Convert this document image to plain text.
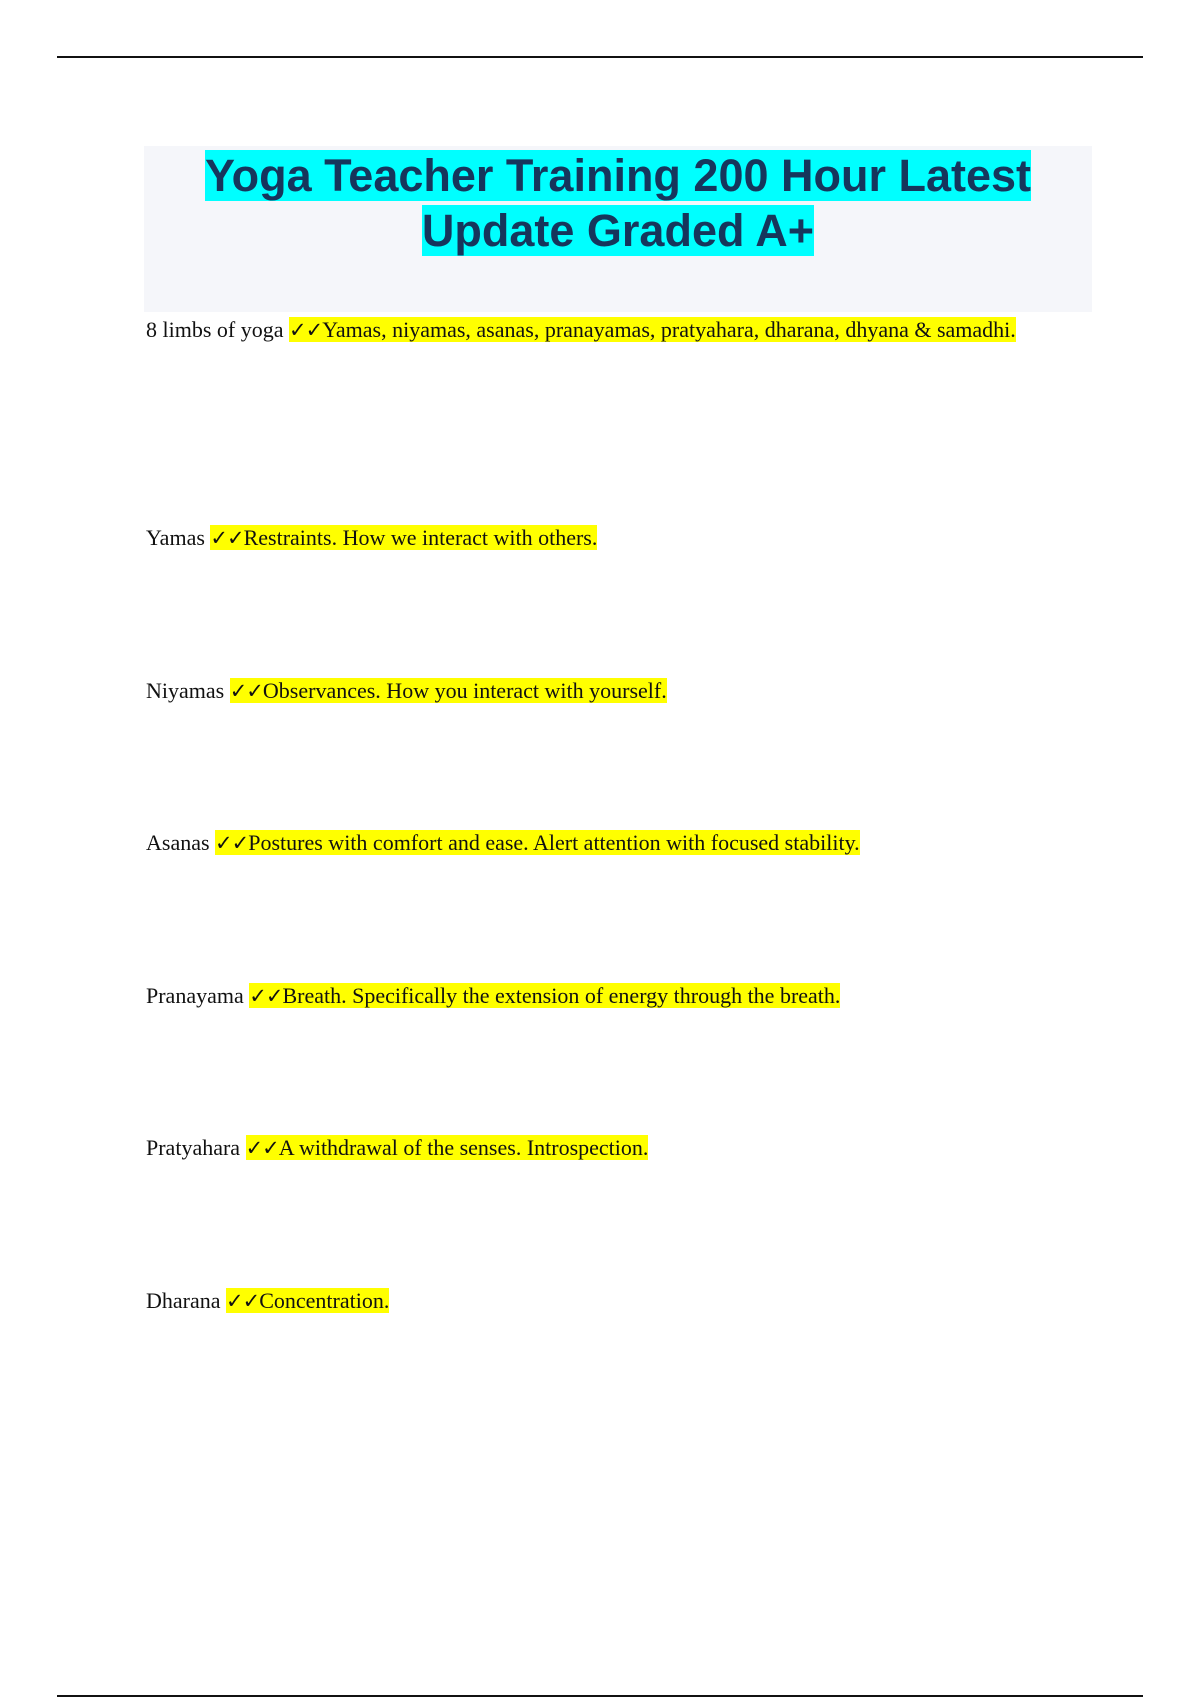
Yoga Teacher Training 200 Hour Latest Update Graded A+
8 limbs of yoga ✓✓Yamas, niyamas, asanas, pranayamas, pratyahara, dharana, dhyana & samadhi.
Yamas ✓✓Restraints. How we interact with others.
Niyamas ✓✓Observances. How you interact with yourself.
Asanas ✓✓Postures with comfort and ease. Alert attention with focused stability.
Pranayama ✓✓Breath. Specifically the extension of energy through the breath.
Pratyahara ✓✓A withdrawal of the senses. Introspection.
Dharana ✓✓Concentration.
